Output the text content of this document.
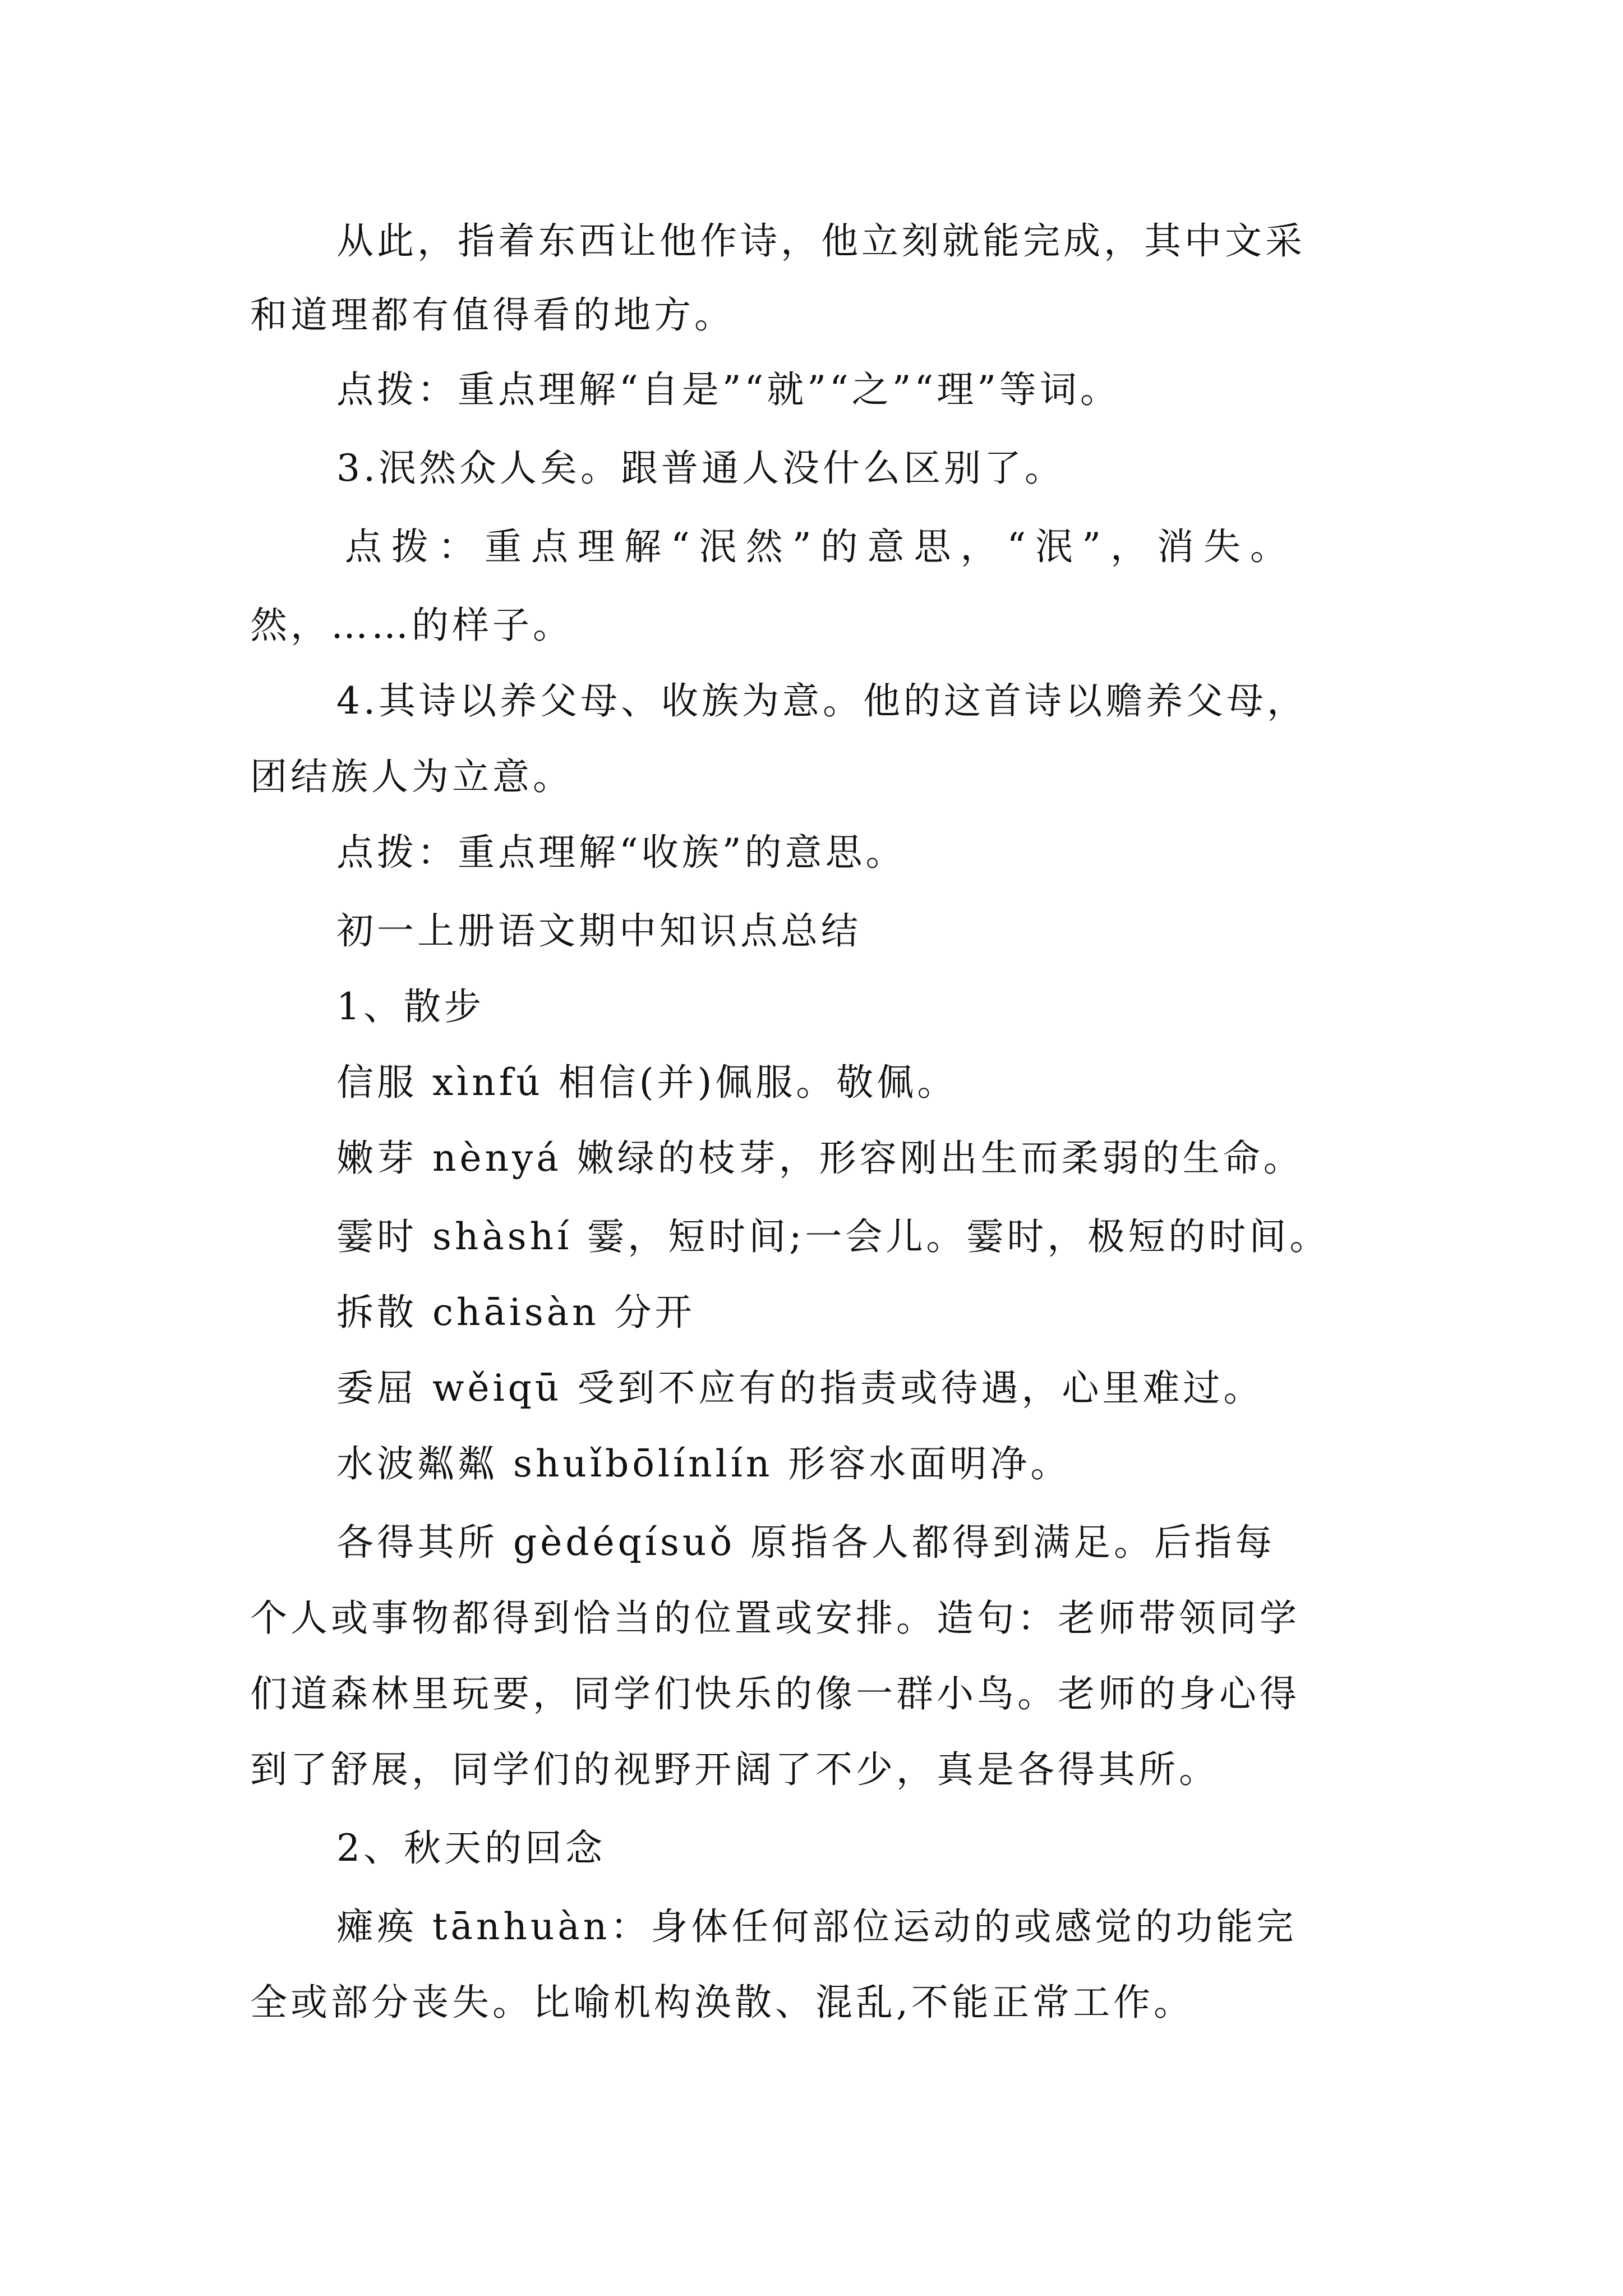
从此，指着东西让他作诗，他立刻就能完成，其中文采

和道理都有值得看的地方。

点拨：重点理解“自是”“就”“之”“理”等词。

3.泯然众人矣。跟普通人没什么区别了。

点拨：重点理解“泯然”的意思，“泯”，消失。

然，……的样子。

4.其诗以养父母、收族为意。他的这首诗以赡养父母，

团结族人为立意。

点拨：重点理解“收族”的意思。

初一上册语文期中知识点总结

1、散步

信服 xìnfú 相信(并)佩服。敬佩。

嫩芽 nènyá 嫩绿的枝芽，形容刚出生而柔弱的生命。

霎时 shàshí 霎，短时间;一会儿。霎时，极短的时间。

拆散 chāisàn 分开

委屈 wěiqū 受到不应有的指责或待遇，心里难过。

水波粼粼 shuǐbōlínlín 形容水面明净。

各得其所 gèdéqísuǒ 原指各人都得到满足。后指每

个人或事物都得到恰当的位置或安排。造句：老师带领同学

们道森林里玩要，同学们快乐的像一群小鸟。老师的身心得

到了舒展，同学们的视野开阔了不少，真是各得其所。

2、秋天的回念

瘫痪 tānhuàn：身体任何部位运动的或感觉的功能完

全或部分丧失。比喻机构涣散、混乱,不能正常工作。
